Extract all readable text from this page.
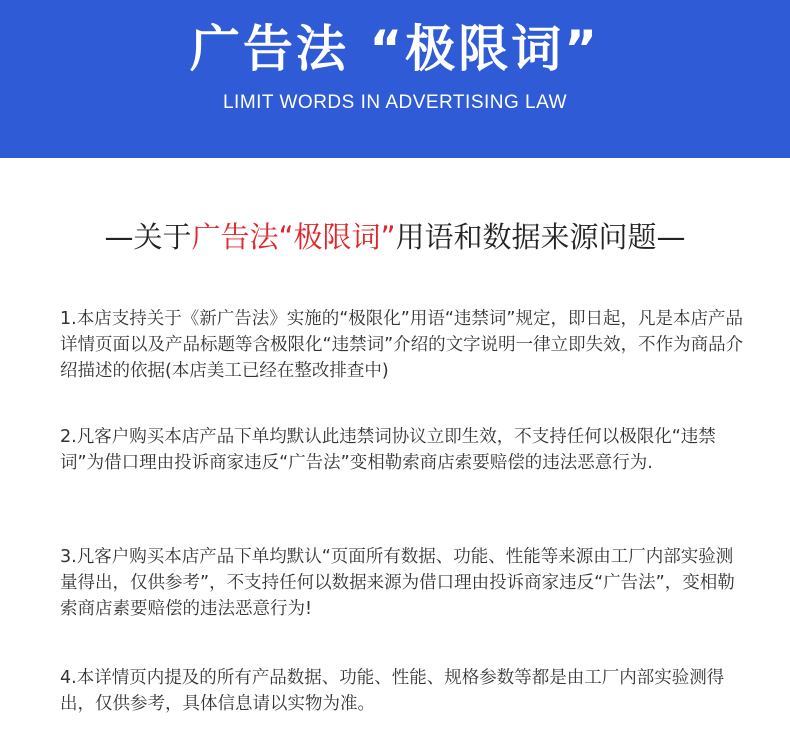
广告法 “极限词”
LIMIT WORDS IN ADVERTISING LAW
—关于广告法“极限词”用语和数据来源问题—
1.本店支持关于《新广告法》实施的“极限化”用语“违禁词”规定，即日起，凡是本店产品详情页面以及产品标题等含极限化“违禁词”介绍的文字说明一律立即失效，不作为商品介绍描述的依据(本店美工已经在整改排查中)
2.凡客户购买本店产品下单均默认此违禁词协议立即生效，不支持任何以极限化“违禁词”为借口理由投诉商家违反“广告法”变相勒索商店索要赔偿的违法恶意行为.
3.凡客户购买本店产品下单均默认“页面所有数据、功能、性能等来源由工厂内部实验测量得出，仅供参考”，不支持任何以数据来源为借口理由投诉商家违反“广告法”，变相勒索商店素要赔偿的违法恶意行为!
4.本详情页内提及的所有产品数据、功能、性能、规格参数等都是由工厂内部实验测得出，仅供参考，具体信息请以实物为准。
